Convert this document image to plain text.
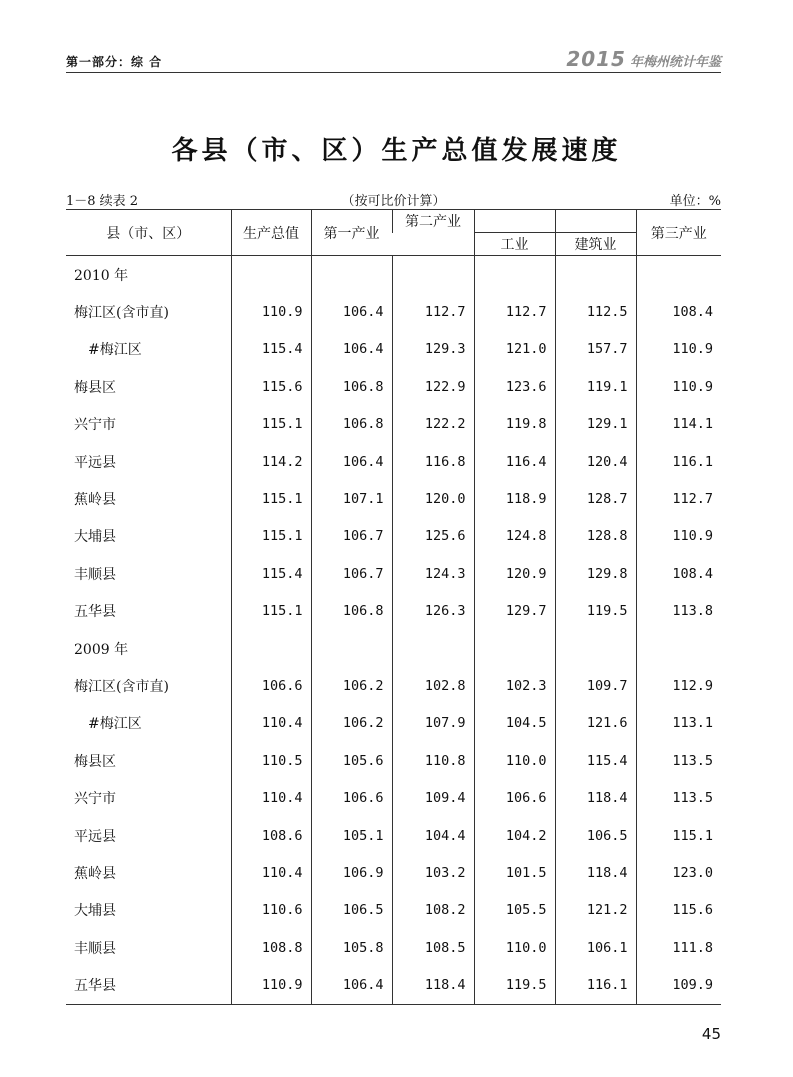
第一部分：综 合	2015 年梅州统计年鉴
各县（市、区）生产总值发展速度
1－8 续表 2	（按可比价计算）	单位：%
县（市、区）	生产总值	第一产业	第二产业			第三产业
				工业	建筑业	
2010 年						
梅江区(含市直)	110.9	106.4	112.7	112.7	112.5	108.4
#梅江区	115.4	106.4	129.3	121.0	157.7	110.9
梅县区	115.6	106.8	122.9	123.6	119.1	110.9
兴宁市	115.1	106.8	122.2	119.8	129.1	114.1
平远县	114.2	106.4	116.8	116.4	120.4	116.1
蕉岭县	115.1	107.1	120.0	118.9	128.7	112.7
大埔县	115.1	106.7	125.6	124.8	128.8	110.9
丰顺县	115.4	106.7	124.3	120.9	129.8	108.4
五华县	115.1	106.8	126.3	129.7	119.5	113.8
2009 年						
梅江区(含市直)	106.6	106.2	102.8	102.3	109.7	112.9
#梅江区	110.4	106.2	107.9	104.5	121.6	113.1
梅县区	110.5	105.6	110.8	110.0	115.4	113.5
兴宁市	110.4	106.6	109.4	106.6	118.4	113.5
平远县	108.6	105.1	104.4	104.2	106.5	115.1
蕉岭县	110.4	106.9	103.2	101.5	118.4	123.0
大埔县	110.6	106.5	108.2	105.5	121.2	115.6
丰顺县	108.8	105.8	108.5	110.0	106.1	111.8
五华县	110.9	106.4	118.4	119.5	116.1	109.9
45
